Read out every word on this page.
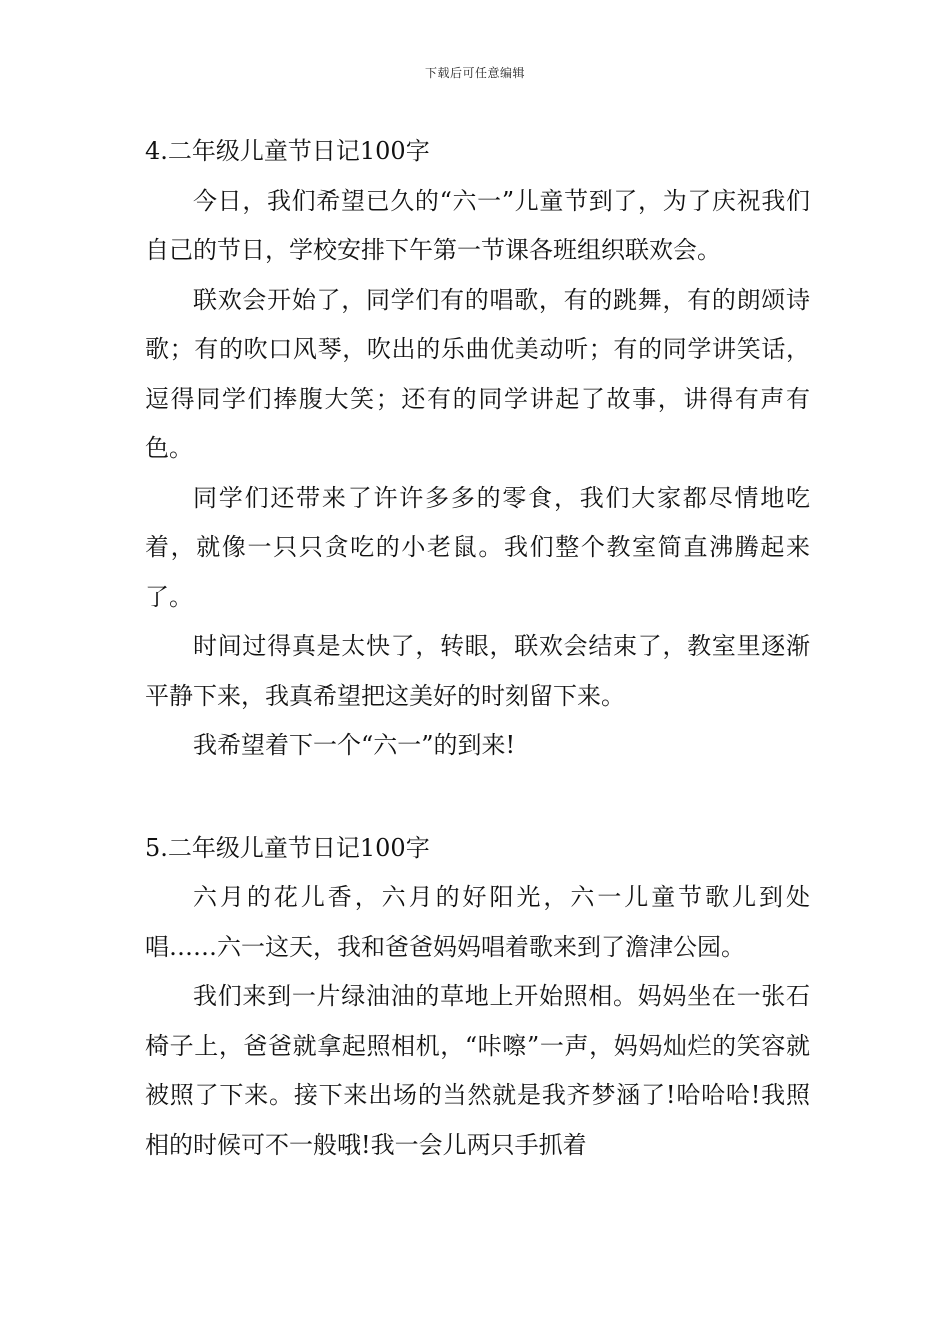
下载后可任意编辑

4.二年级儿童节日记100字

今日，我们希望已久的“六一”儿童节到了，为了庆祝我们自己的节日，学校安排下午第一节课各班组织联欢会。

联欢会开始了，同学们有的唱歌，有的跳舞，有的朗颂诗歌；有的吹口风琴，吹出的乐曲优美动听；有的同学讲笑话，逗得同学们捧腹大笑；还有的同学讲起了故事，讲得有声有色。

同学们还带来了许许多多的零食，我们大家都尽情地吃着，就像一只只贪吃的小老鼠。我们整个教室简直沸腾起来了。

时间过得真是太快了，转眼，联欢会结束了，教室里逐渐平静下来，我真希望把这美好的时刻留下来。

我希望着下一个“六一”的到来!

5.二年级儿童节日记100字

六月的花儿香，六月的好阳光，六一儿童节歌儿到处唱……六一这天，我和爸爸妈妈唱着歌来到了澹津公园。

我们来到一片绿油油的草地上开始照相。妈妈坐在一张石椅子上，爸爸就拿起照相机，“咔嚓”一声，妈妈灿烂的笑容就被照了下来。接下来出场的当然就是我齐梦涵了!哈哈哈!我照相的时候可不一般哦!我一会儿两只手抓着
